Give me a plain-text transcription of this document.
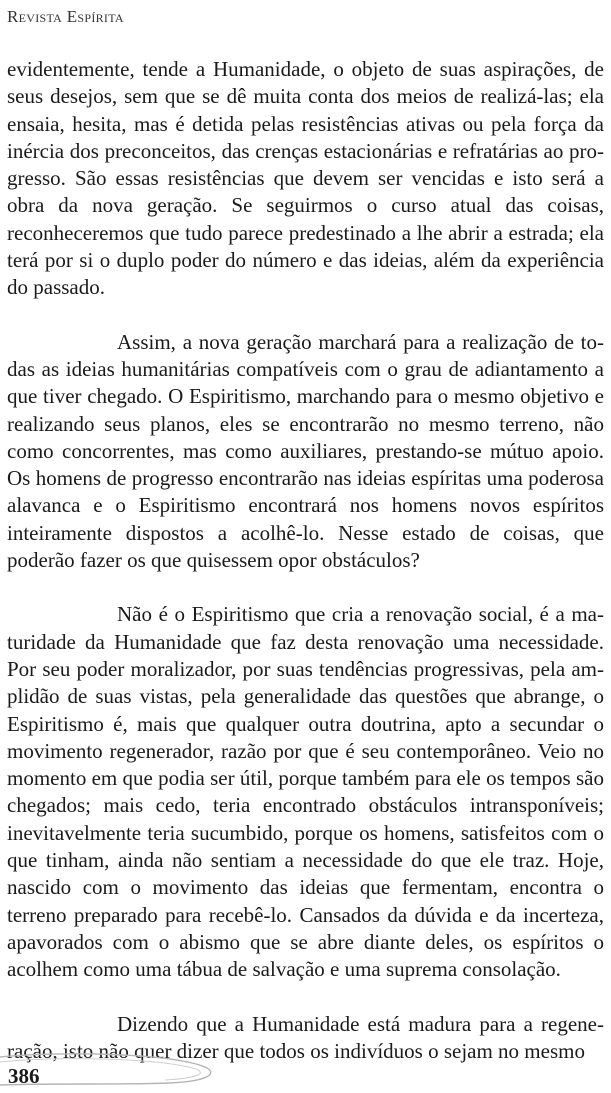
Revista Espírita

evidentemente, tende a Humanidade, o objeto de suas aspirações, de seus desejos, sem que se dê muita conta dos meios de realizá-las; ela ensaia, hesita, mas é detida pelas resistências ativas ou pela força da inércia dos preconceitos, das crenças estacionárias e refratárias ao progresso. São essas resistências que devem ser vencidas e isto será a obra da nova geração. Se seguirmos o curso atual das coisas, reconheceremos que tudo parece predestinado a lhe abrir a estrada; ela terá por si o duplo poder do número e das ideias, além da experiência do passado.

Assim, a nova geração marchará para a realização de todas as ideias humanitárias compatíveis com o grau de adiantamento a que tiver chegado. O Espiritismo, marchando para o mesmo objetivo e realizando seus planos, eles se encontrarão no mesmo terreno, não como concorrentes, mas como auxiliares, prestando-se mútuo apoio. Os homens de progresso encontrarão nas ideias espíritas uma poderosa alavanca e o Espiritismo encontrará nos homens novos espíritos inteiramente dispostos a acolhê-lo. Nesse estado de coisas, que poderão fazer os que quisessem opor obstáculos?

Não é o Espiritismo que cria a renovação social, é a maturidade da Humanidade que faz desta renovação uma necessidade. Por seu poder moralizador, por suas tendências progressivas, pela amplidão de suas vistas, pela generalidade das questões que abrange, o Espiritismo é, mais que qualquer outra doutrina, apto a secundar o movimento regenerador, razão por que é seu contemporâneo. Veio no momento em que podia ser útil, porque também para ele os tempos são chegados; mais cedo, teria encontrado obstáculos intransponíveis; inevitavelmente teria sucumbido, porque os homens, satisfeitos com o que tinham, ainda não sentiam a necessidade do que ele traz. Hoje, nascido com o movimento das ideias que fermentam, encontra o terreno preparado para recebê-lo. Cansados da dúvida e da incerteza, apavorados com o abismo que se abre diante deles, os espíritos o acolhem como uma tábua de salvação e uma suprema consolação.

Dizendo que a Humanidade está madura para a regeneração, isto não quer dizer que todos os indivíduos o sejam no mesmo

386
